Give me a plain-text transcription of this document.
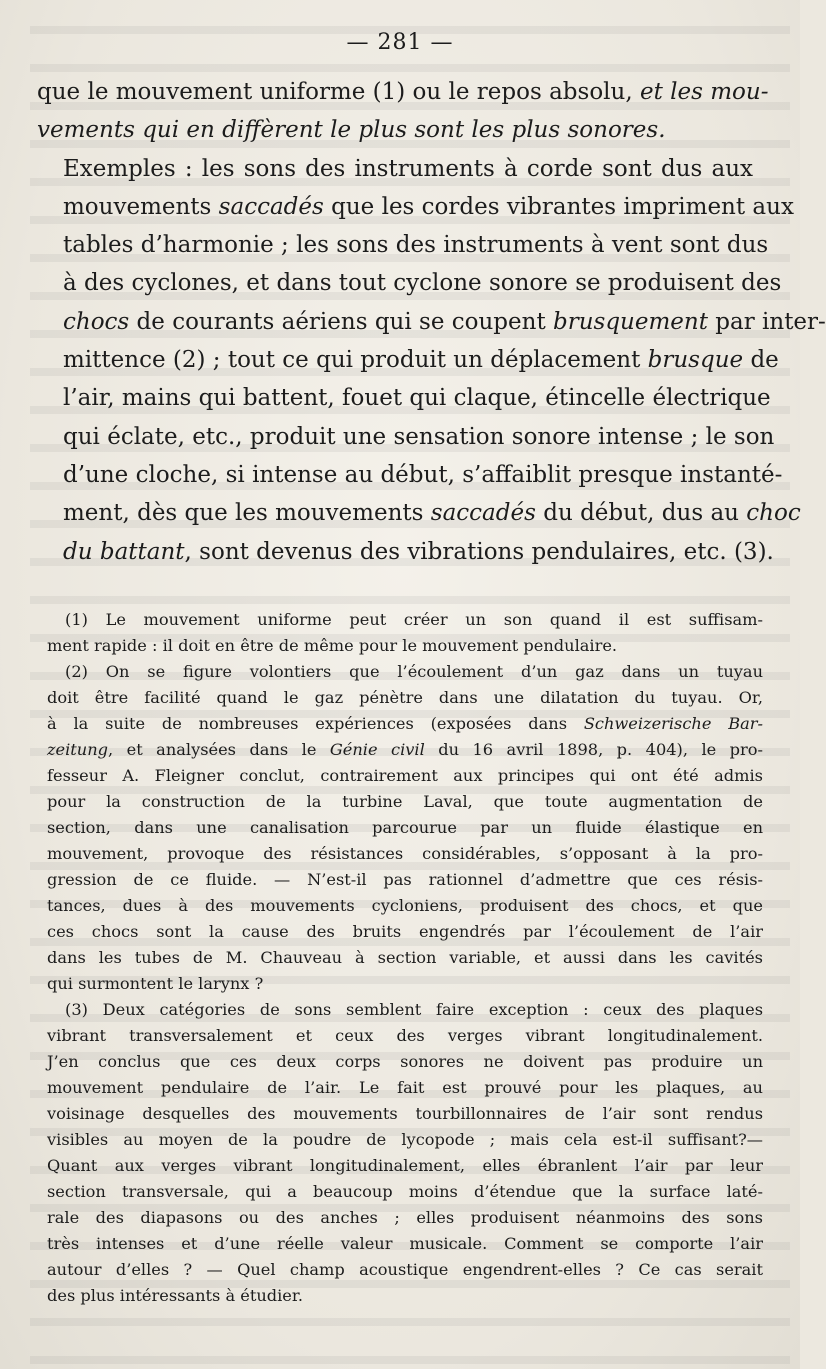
— 281 —

que le mouvement uniforme (1) ou le repos absolu, et les mou-
vements qui en diffèrent le plus sont les plus sonores.

Exemples : les sons des instruments à corde sont dus aux
mouvements saccadés que les cordes vibrantes impriment aux
tables d’harmonie ; les sons des instruments à vent sont dus
à des cyclones, et dans tout cyclone sonore se produisent des
chocs de courants aériens qui se coupent brusquement par inter-
mittence (2) ; tout ce qui produit un déplacement brusque de
l’air, mains qui battent, fouet qui claque, étincelle électrique
qui éclate, etc., produit une sensation sonore intense ; le son
d’une cloche, si intense au début, s’affaiblit presque instanté-
ment, dès que les mouvements saccadés du début, dus au choc
du battant, sont devenus des vibrations pendulaires, etc. (3).

(1) Le mouvement uniforme peut créer un son quand il est suffisam-
ment rapide : il doit en être de même pour le mouvement pendulaire.

(2) On se figure volontiers que l’écoulement d’un gaz dans un tuyau
doit être facilité quand le gaz pénètre dans une dilatation du tuyau. Or,
à la suite de nombreuses expériences (exposées dans Schweizerische Bar-
zeitung, et analysées dans le Génie civil du 16 avril 1898, p. 404), le pro-
fesseur A. Fleigner conclut, contrairement aux principes qui ont été admis
pour la construction de la turbine Laval, que toute augmentation de
section, dans une canalisation parcourue par un fluide élastique en
mouvement, provoque des résistances considérables, s’opposant à la pro-
gression de ce fluide. — N’est-il pas rationnel d’admettre que ces résis-
tances, dues à des mouvements cycloniens, produisent des chocs, et que
ces chocs sont la cause des bruits engendrés par l’écoulement de l’air
dans les tubes de M. Chauveau à section variable, et aussi dans les cavités
qui surmontent le larynx ?

(3) Deux catégories de sons semblent faire exception : ceux des plaques
vibrant transversalement et ceux des verges vibrant longitudinalement.
J’en conclus que ces deux corps sonores ne doivent pas produire un
mouvement pendulaire de l’air. Le fait est prouvé pour les plaques, au
voisinage desquelles des mouvements tourbillonnaires de l’air sont rendus
visibles au moyen de la poudre de lycopode ; mais cela est-il suffisant?—
Quant aux verges vibrant longitudinalement, elles ébranlent l’air par leur
section transversale, qui a beaucoup moins d’étendue que la surface laté-
rale des diapasons ou des anches ; elles produisent néanmoins des sons
très intenses et d’une réelle valeur musicale. Comment se comporte l’air
autour d’elles ? — Quel champ acoustique engendrent-elles ? Ce cas serait
des plus intéressants à étudier.
